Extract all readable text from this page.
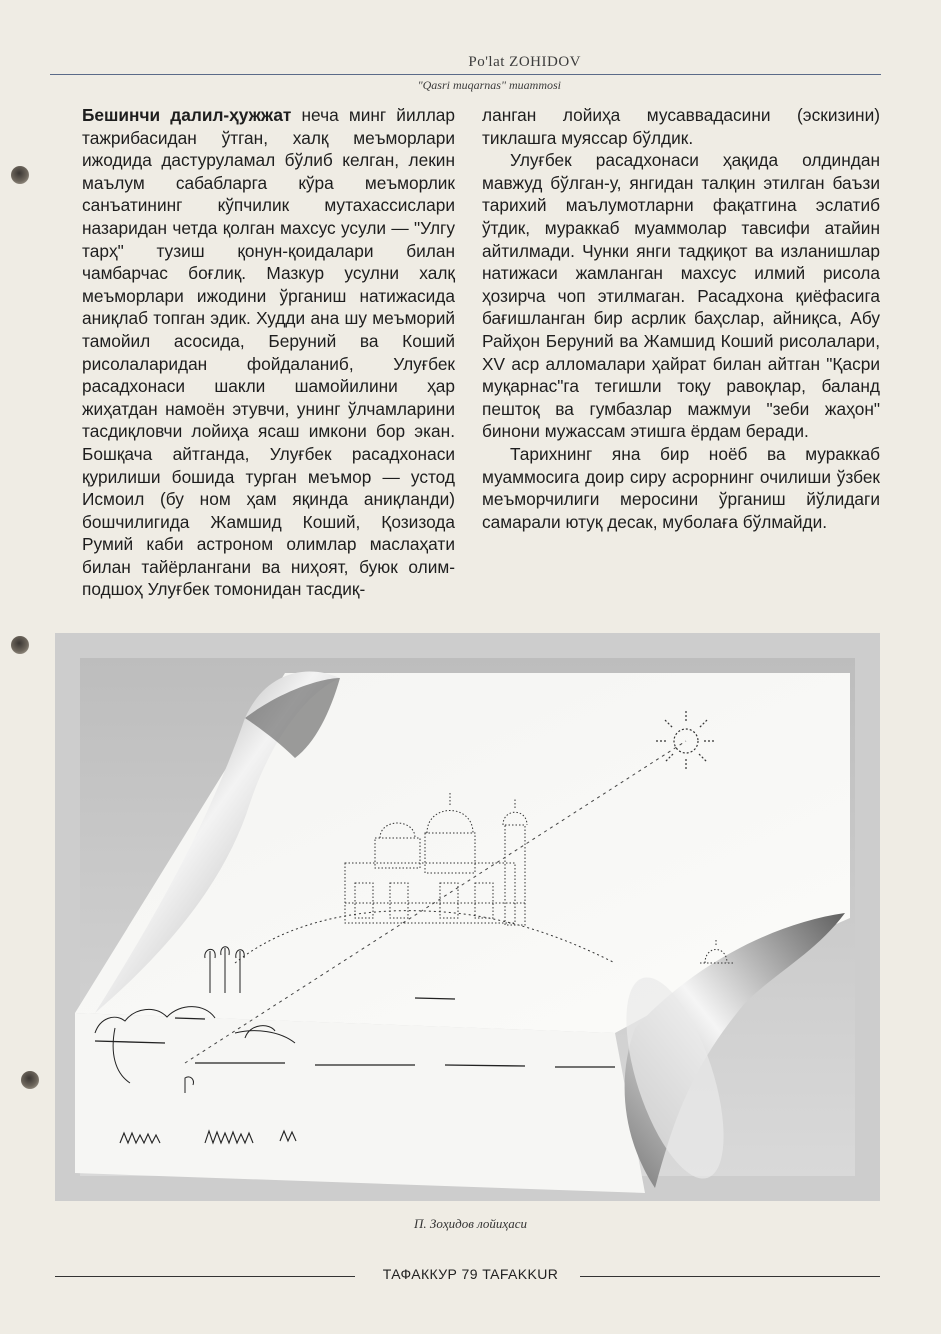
Po'lat ZOHIDOV
"Qasri muqarnas" muammosi

Бешинчи далил-ҳужжат неча минг йиллар тажрибасидан ўтган, халқ меъморлари ижодида дастуруламал бўлиб келган, лекин маълум сабабларга кўра меъморлик санъатининг кўпчилик мутахассислари назаридан четда қолган махсус усули — "Улгу тарҳ" тузиш қонун-қоидалари билан чамбарчас боғлиқ. Мазкур усулни халқ меъморлари ижодини ўрганиш натижасида аниқлаб топган эдик. Худди ана шу меъморий тамойил асосида, Беруний ва Коший рисолаларидан фойдаланиб, Улуғбек расадхонаси шакли шамойилини ҳар жиҳатдан намоён этувчи, унинг ўлчамларини тасдиқловчи лойиҳа ясаш имкони бор экан. Бошқача айтганда, Улуғбек расадхонаси қурилиши бошида турган меъмор — устод Исмоил (бу ном ҳам яқинда аниқланди) бошчилигида Жамшид Коший, Қозизода Румий каби астроном олимлар маслаҳати билан тайёрлангани ва ниҳоят, буюк олим-подшоҳ Улуғбек томонидан тасдиқ-

ланган лойиҳа мусаввадасини (эскизини) тиклашга муяссар бўлдик.

Улуғбек расадхонаси ҳақида олдиндан мавжуд бўлган-у, янгидан талқин этилган баъзи тарихий маълумотларни фақатгина эслатиб ўтдик, мураккаб муаммолар тавсифи атайин айтилмади. Чунки янги тадқиқот ва изланишлар натижаси жамланган махсус илмий рисола ҳозирча чоп этилмаган. Расадхона қиёфасига бағишланган бир асрлик баҳслар, айниқса, Абу Райҳон Беруний ва Жамшид Коший рисолалари, XV аср алломалари ҳайрат билан айтган "Қасри муқарнас"га тегишли тоқу равоқлар, баланд пештоқ ва гумбазлар мажмуи "зеби жаҳон" бинони мужассам этишга ёрдам беради.

Тарихнинг яна бир ноёб ва мураккаб муаммосига доир сиру асрорнинг очилиши ўзбек меъморчилиги меросини ўрганиш йўлидаги самарали ютуқ десак, муболаға бўлмайди.

П. Зоҳидов лойиҳаси
ТАФАККУР 79 TAFAKKUR
